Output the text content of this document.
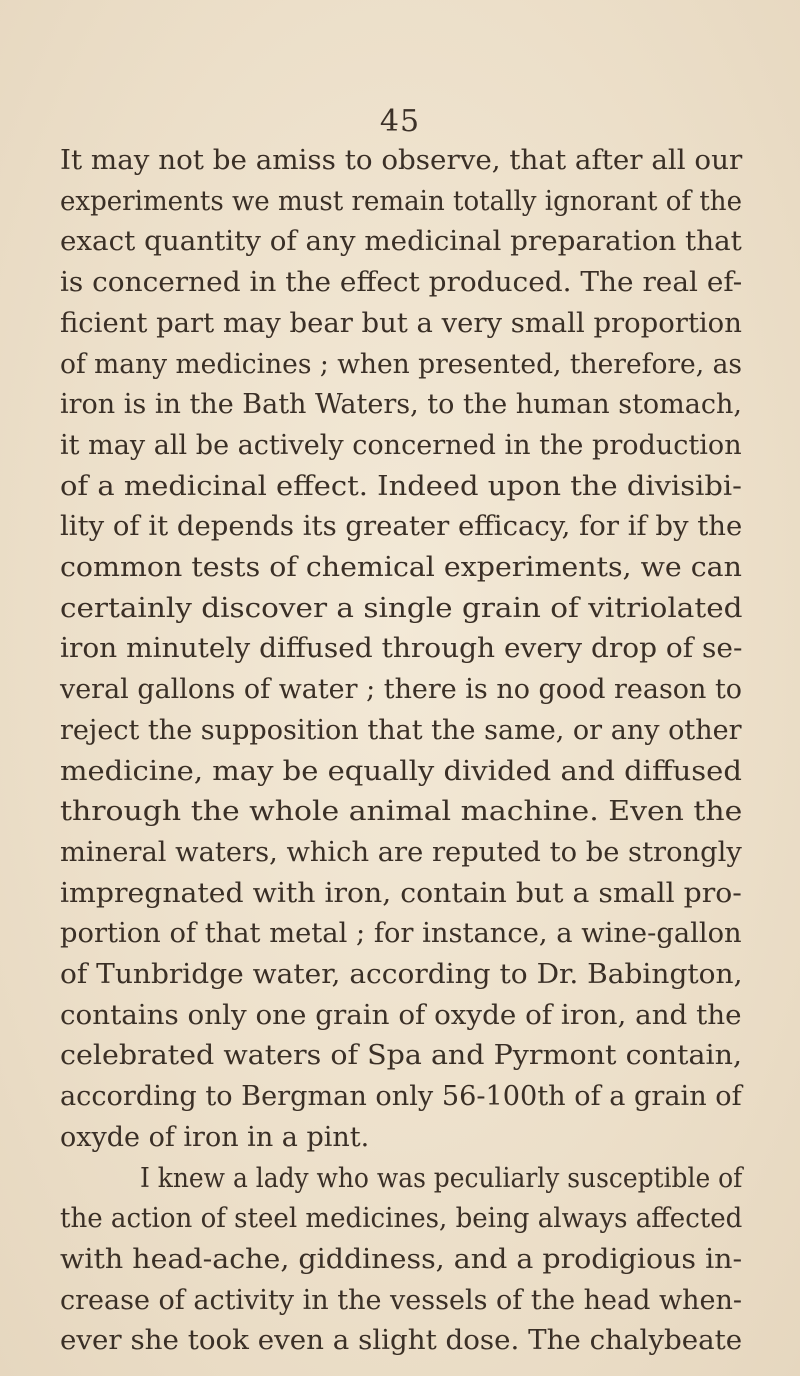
45
It may not be amiss to observe, that after all our
experiments we must remain totally ignorant of the
exact quantity of any medicinal preparation that
is concerned in the effect produced. The real ef-
ficient part may bear but a very small proportion
of many medicines ; when presented, therefore, as
iron is in the Bath Waters, to the human stomach,
it may all be actively concerned in the production
of a medicinal effect. Indeed upon the divisibi-
lity of it depends its greater efficacy, for if by the
common tests of chemical experiments, we can
certainly discover a single grain of vitriolated
iron minutely diffused through every drop of se-
veral gallons of water ; there is no good reason to
reject the supposition that the same, or any other
medicine, may be equally divided and diffused
through the whole animal machine. Even the
mineral waters, which are reputed to be strongly
impregnated with iron, contain but a small pro-
portion of that metal ; for instance, a wine-gallon
of Tunbridge water, according to Dr. Babington,
contains only one grain of oxyde of iron, and the
celebrated waters of Spa and Pyrmont contain,
according to Bergman only 56-100th of a grain of
oxyde of iron in a pint.
I knew a lady who was peculiarly susceptible of
the action of steel medicines, being always affected
with head-ache, giddiness, and a prodigious in-
crease of activity in the vessels of the head when-
ever she took even a slight dose. The chalybeate
